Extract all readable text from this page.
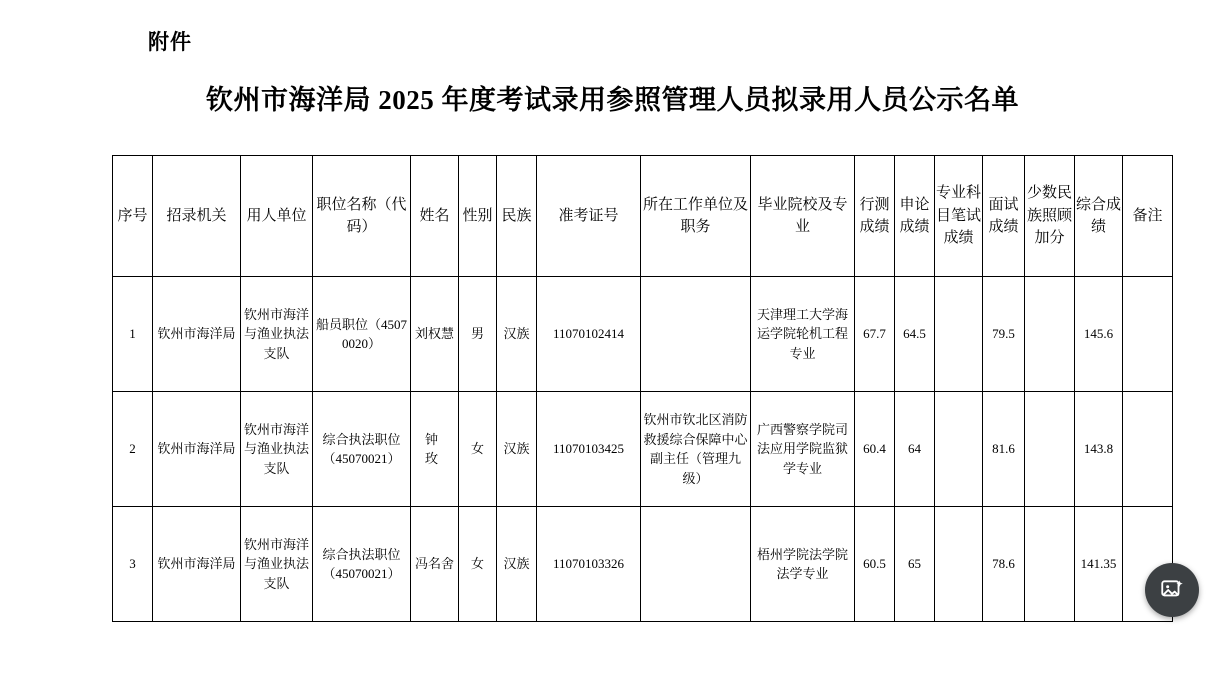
附件
钦州市海洋局 2025 年度考试录用参照管理人员拟录用人员公示名单
序号	招录机关	用人单位	职位名称（代码）	姓名	性别	民族	准考证号	所在工作单位及职务	毕业院校及专业	行测成绩	申论成绩	专业科目笔试成绩	面试成绩	少数民族照顾加分	综合成绩	备注
1	钦州市海洋局	钦州市海洋与渔业执法支队	船员职位（45070020）	刘权慧	男	汉族	11070102414		天津理工大学海运学院轮机工程专业	67.7	64.5		79.5		145.6	
2	钦州市海洋局	钦州市海洋与渔业执法支队	综合执法职位（45070021）	钟 玫	女	汉族	11070103425	钦州市钦北区消防救援综合保障中心副主任（管理九级）	广西警察学院司法应用学院监狱学专业	60.4	64		81.6		143.8	
3	钦州市海洋局	钦州市海洋与渔业执法支队	综合执法职位（45070021）	冯名舍	女	汉族	11070103326		梧州学院法学院法学专业	60.5	65		78.6		141.35	
